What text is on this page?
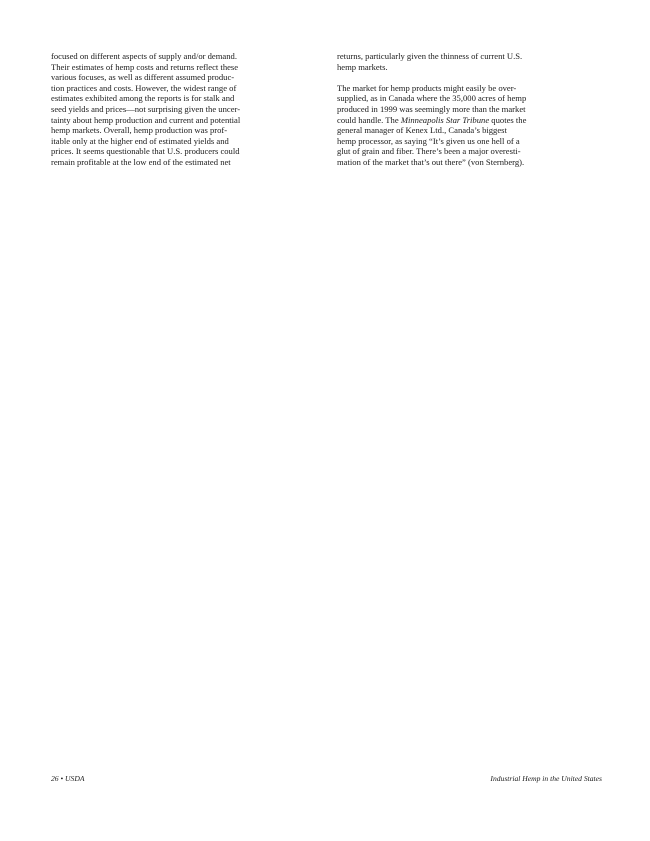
focused on different aspects of supply and/or demand.
Their estimates of hemp costs and returns reflect these
various focuses, as well as different assumed produc-
tion practices and costs. However, the widest range of
estimates exhibited among the reports is for stalk and
seed yields and prices—not surprising given the uncer-
tainty about hemp production and current and potential
hemp markets. Overall, hemp production was prof-
itable only at the higher end of estimated yields and
prices. It seems questionable that U.S. producers could
remain profitable at the low end of the estimated net
returns, particularly given the thinness of current U.S.
hemp markets.
The market for hemp products might easily be over-
supplied, as in Canada where the 35,000 acres of hemp
produced in 1999 was seemingly more than the market
could handle. The Minneapolis Star Tribune quotes the
general manager of Kenex Ltd., Canada’s biggest
hemp processor, as saying “It’s given us one hell of a
glut of grain and fiber. There’s been a major overesti-
mation of the market that’s out there” (von Sternberg).
26 • USDA	Industrial Hemp in the United States
